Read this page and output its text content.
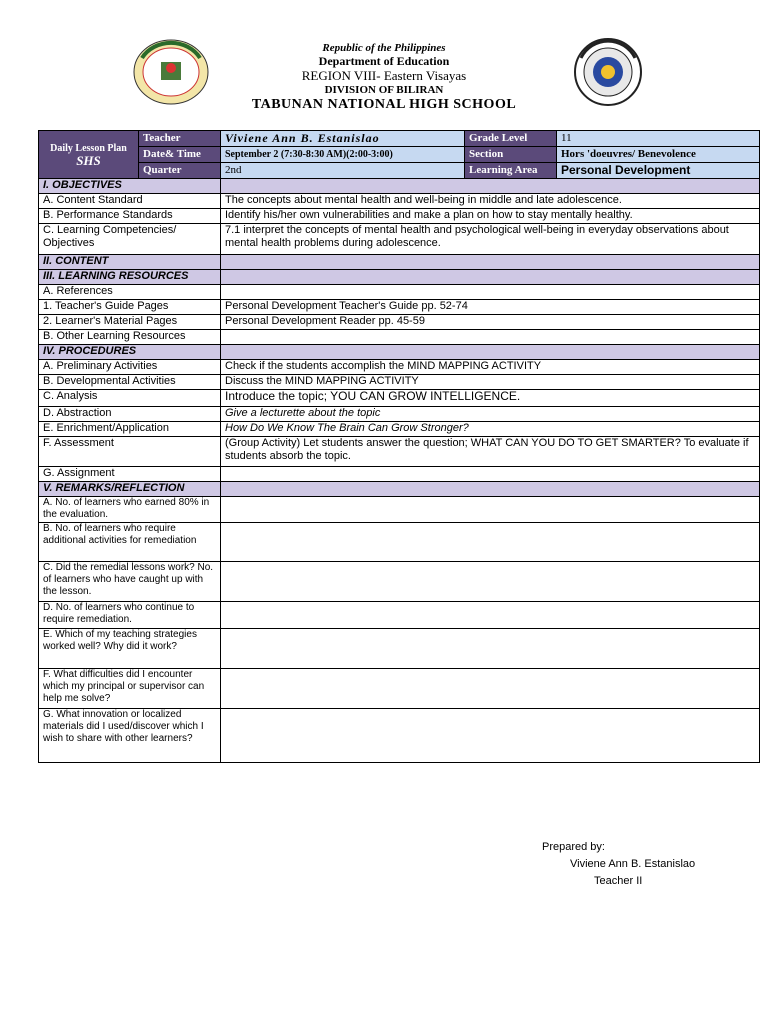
Republic of the Philippines
Department of Education
REGION VIII- Eastern Visayas
DIVISION OF BILIRAN
TABUNAN NATIONAL HIGH SCHOOL
Daily Lesson Plan
SHS	Teacher	Viviene Ann B. Estanislao	Grade Level	11
	Date& Time	September 2 (7:30-8:30 AM)(2:00-3:00)	Section	Hors 'doeuvres/ Benevolence
	Quarter	2nd	Learning Area	Personal Development
I. OBJECTIVES				
A. Content Standard		The concepts about mental health and well-being in middle and late adolescence.		
B. Performance Standards		Identify his/her own vulnerabilities and make a plan on how to stay mentally healthy.		
C. Learning Competencies/ Objectives		7.1 interpret the concepts of mental health and psychological well-being in everyday observations about mental health problems during adolescence.		
II. CONTENT				
III. LEARNING RESOURCES				
A. References				
1. Teacher's Guide Pages		Personal Development Teacher's Guide pp. 52-74		
2. Learner's Material Pages		Personal Development Reader pp. 45-59		
B. Other Learning Resources				
IV. PROCEDURES				
A. Preliminary Activities		Check if the students accomplish the MIND MAPPING ACTIVITY		
B. Developmental Activities		Discuss the MIND MAPPING ACTIVITY		
C. Analysis		Introduce the topic; YOU CAN GROW INTELLIGENCE.		
D. Abstraction		Give a lecturette about the topic		
E. Enrichment/Application		How Do We Know The Brain Can Grow Stronger?		
F. Assessment		(Group Activity) Let students answer the question; WHAT CAN YOU DO TO GET SMARTER? To evaluate if students absorb the topic.		
G. Assignment				
V. REMARKS/REFLECTION				
A. No. of learners who earned 80% in the evaluation.				
B. No. of learners who require additional activities for remediation				
C. Did the remedial lessons work? No. of learners who have caught up with the lesson.				
D. No. of learners who continue to require remediation.				
E. Which of my teaching strategies worked well? Why did it work?				
F. What difficulties did I encounter which my principal or supervisor can help me solve?				
G. What innovation or localized materials did I used/discover which I wish to share with other learners?				
Prepared by:
Viviene Ann B. Estanislao
Teacher II
